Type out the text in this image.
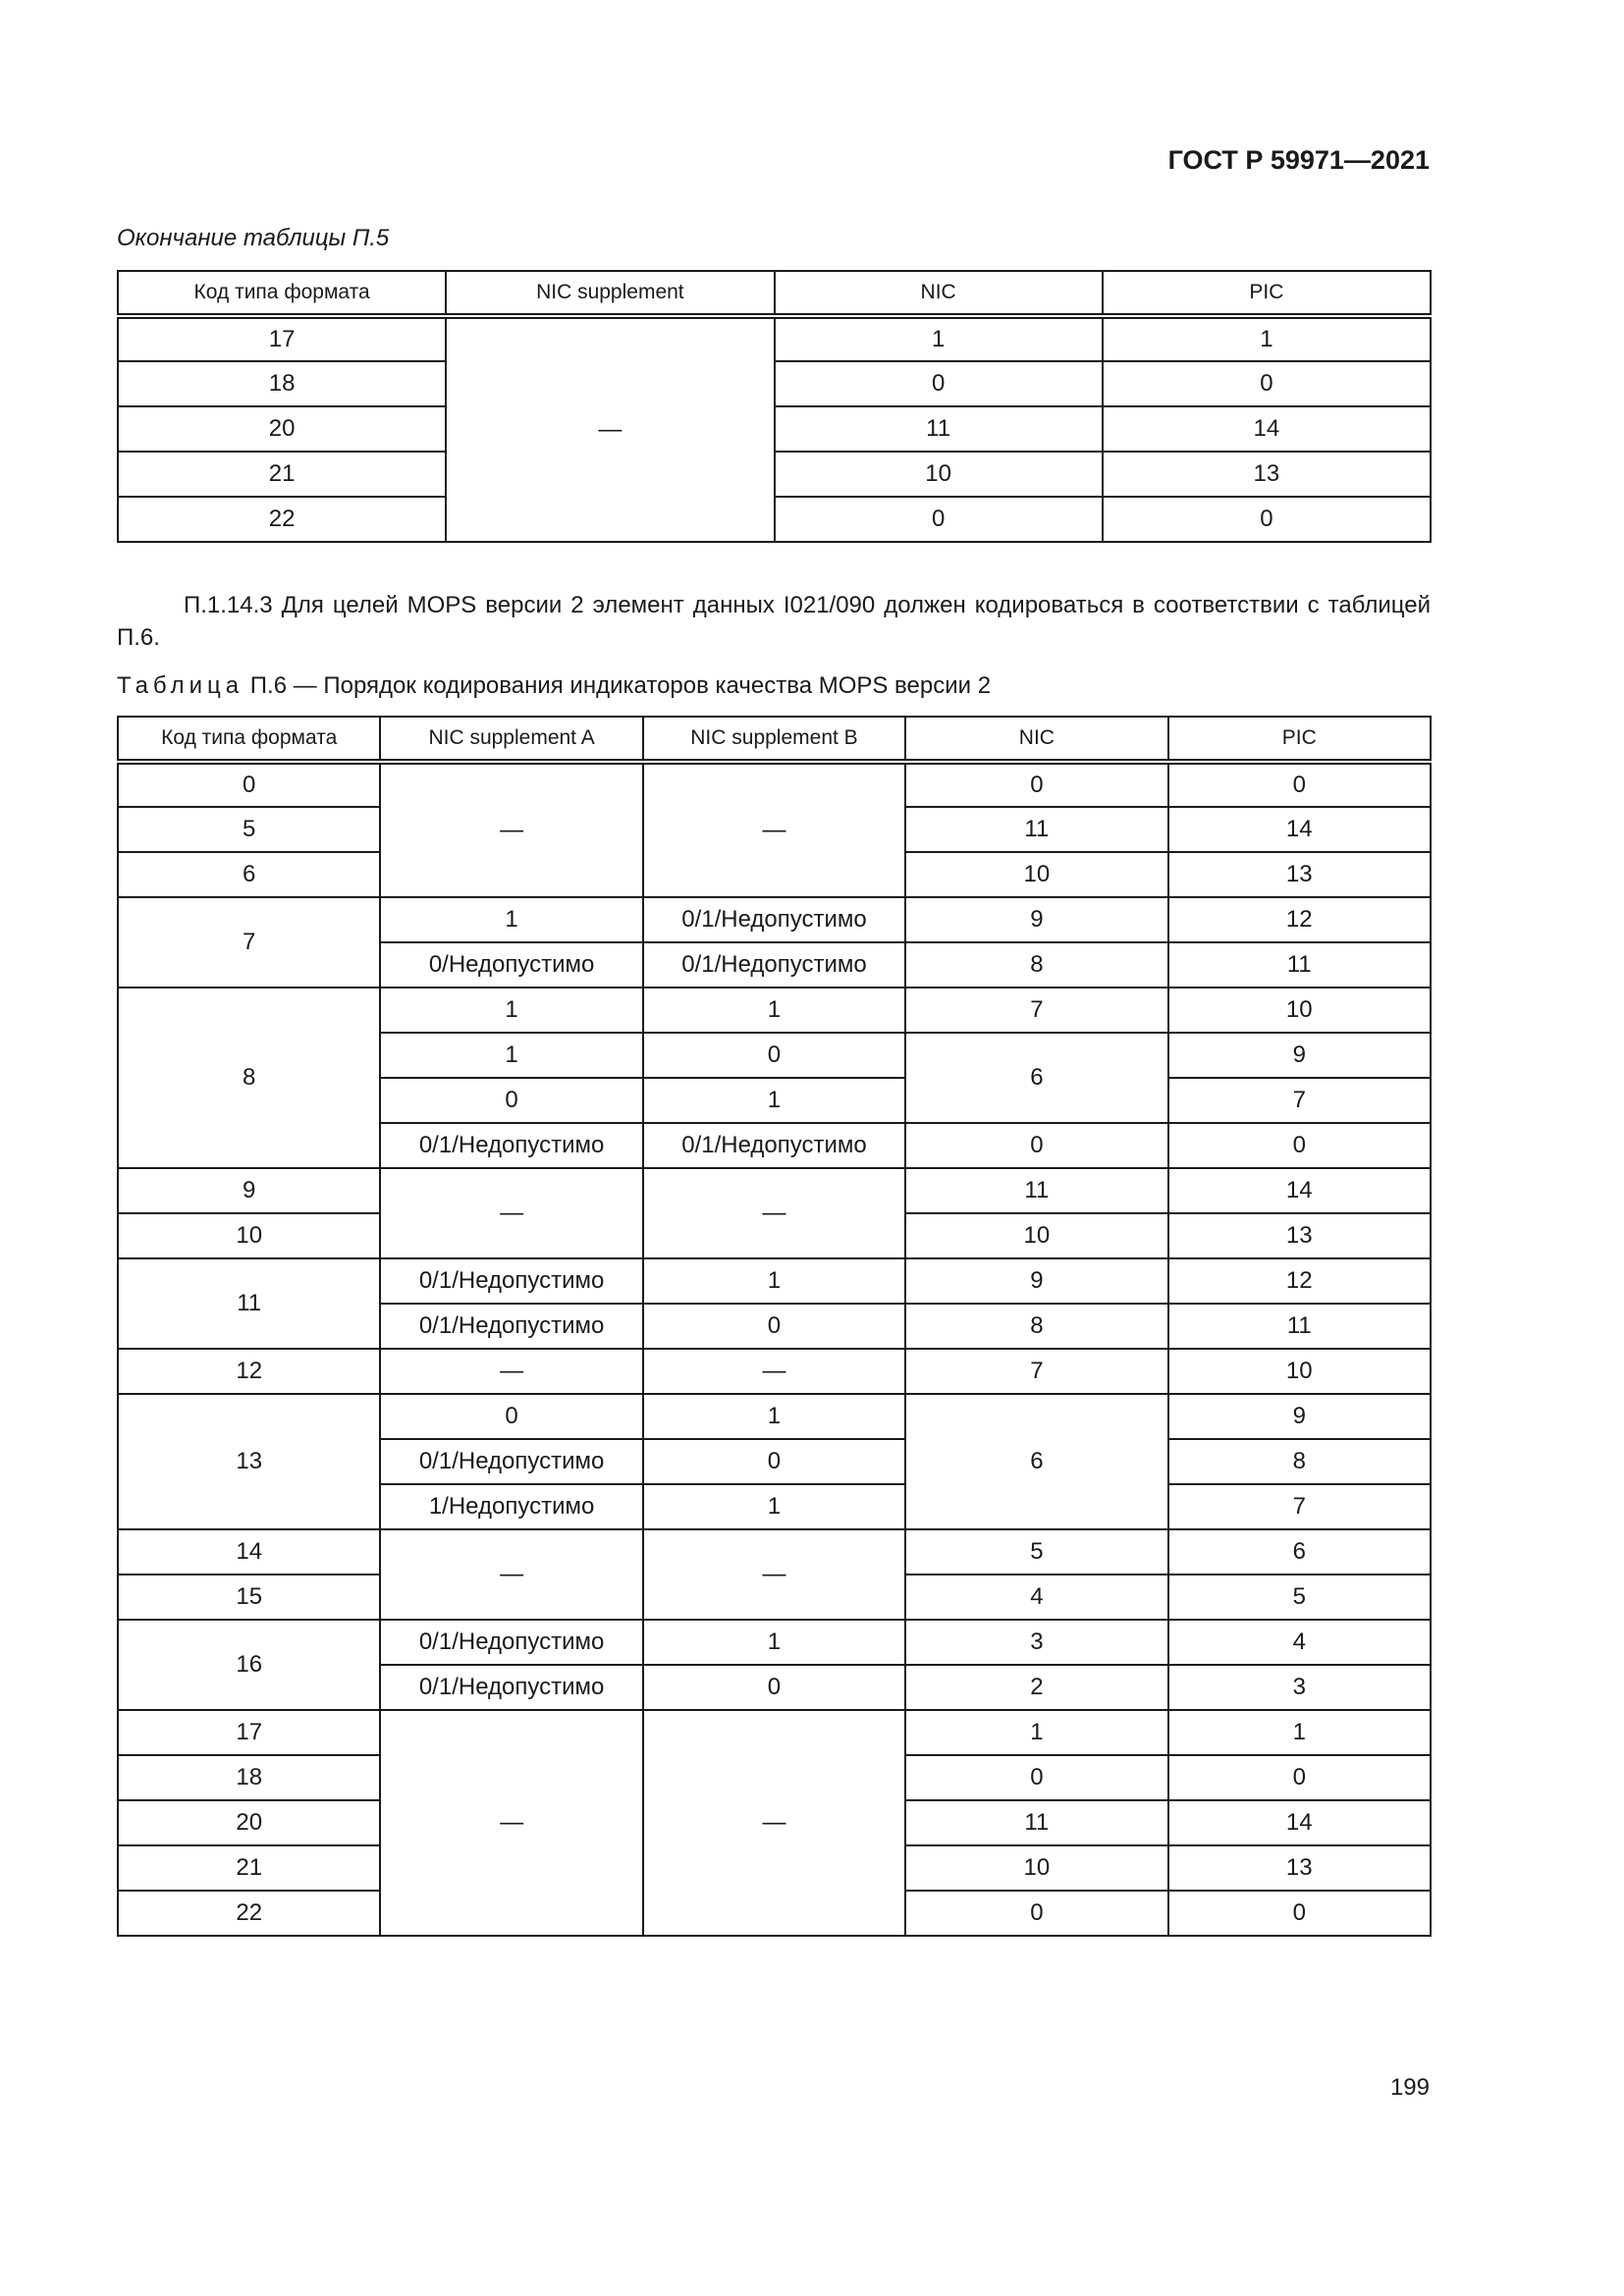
ГОСТ Р 59971—2021
Окончание таблицы П.5
Код типа формата	NIC supplement	NIC	PIC
17	—	1	1
18		0	0
20		11	14
21		10	13
22		0	0

П.1.14.3 Для целей MOPS версии 2 элемент данных I021/090 должен кодироваться в соответствии с таблицей П.6.

Таблица П.6 — Порядок кодирования индикаторов качества MOPS версии 2
Код типа формата	NIC supplement A	NIC supplement B	NIC	PIC
0	—	—	0	0
5			11	14
6			10	13
7	1	0/1/Недопустимо	9	12
	0/Недопустимо	0/1/Недопустимо	8	11
8	1	1	7	10
	1	0	6	9
	0	1		7
	0/1/Недопустимо	0/1/Недопустимо	0	0
9	—	—	11	14
10			10	13
11	0/1/Недопустимо	1	9	12
	0/1/Недопустимо	0	8	11
12	—	—	7	10
13	0	1	6	9
	0/1/Недопустимо	0		8
	1/Недопустимо	1		7
14	—	—	5	6
15			4	5
16	0/1/Недопустимо	1	3	4
	0/1/Недопустимо	0	2	3
17	—	—	1	1
18			0	0
20			11	14
21			10	13
22			0	0
199
